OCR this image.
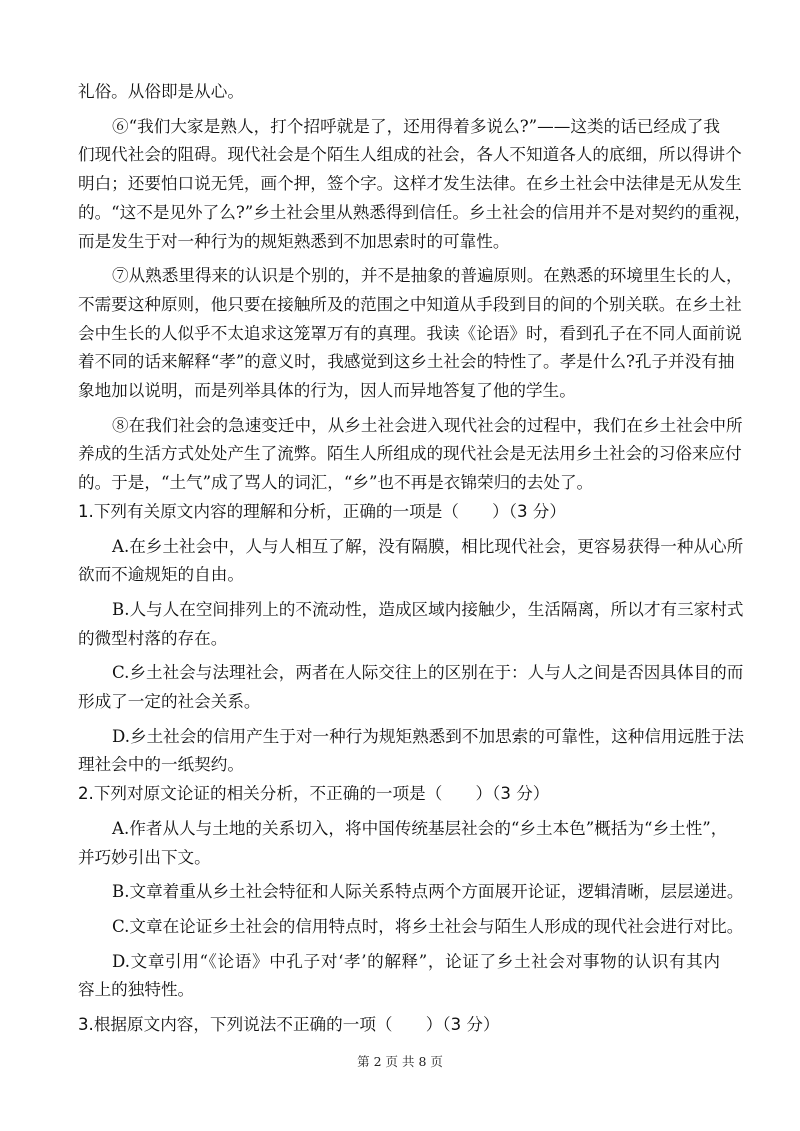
礼俗。从俗即是从心。
⑥“我们大家是熟人，打个招呼就是了，还用得着多说么?”——这类的话已经成了我
们现代社会的阻碍。现代社会是个陌生人组成的社会，各人不知道各人的底细，所以得讲个
明白；还要怕口说无凭，画个押，签个字。这样才发生法律。在乡土社会中法律是无从发生
的。“这不是见外了么?”乡土社会里从熟悉得到信任。乡土社会的信用并不是对契约的重视，
而是发生于对一种行为的规矩熟悉到不加思索时的可靠性。
⑦从熟悉里得来的认识是个别的，并不是抽象的普遍原则。在熟悉的环境里生长的人，
不需要这种原则，他只要在接触所及的范围之中知道从手段到目的间的个别关联。在乡土社
会中生长的人似乎不太追求这笼罩万有的真理。我读《论语》时，看到孔子在不同人面前说
着不同的话来解释“孝”的意义时，我感觉到这乡土社会的特性了。孝是什么?孔子并没有抽
象地加以说明，而是列举具体的行为，因人而异地答复了他的学生。
⑧在我们社会的急速变迁中，从乡土社会进入现代社会的过程中，我们在乡土社会中所
养成的生活方式处处产生了流弊。陌生人所组成的现代社会是无法用乡土社会的习俗来应付
的。于是，“土气”成了骂人的词汇，“乡”也不再是衣锦荣归的去处了。
1.下列有关原文内容的理解和分析，正确的一项是（　　）（3 分）
A.在乡土社会中，人与人相互了解，没有隔膜，相比现代社会，更容易获得一种从心所
欲而不逾规矩的自由。
B.人与人在空间排列上的不流动性，造成区域内接触少，生活隔离，所以才有三家村式
的微型村落的存在。
C.乡土社会与法理社会，两者在人际交往上的区别在于：人与人之间是否因具体目的而
形成了一定的社会关系。
D.乡土社会的信用产生于对一种行为规矩熟悉到不加思索的可靠性，这种信用远胜于法
理社会中的一纸契约。
2.下列对原文论证的相关分析，不正确的一项是（　　）（3 分）
A.作者从人与土地的关系切入，将中国传统基层社会的“乡土本色”概括为“乡土性”，
并巧妙引出下文。
B.文章着重从乡土社会特征和人际关系特点两个方面展开论证，逻辑清晰，层层递进。
C.文章在论证乡土社会的信用特点时，将乡土社会与陌生人形成的现代社会进行对比。
D.文章引用“《论语》中孔子对‘孝’的解释”，论证了乡土社会对事物的认识有其内
容上的独特性。
3.根据原文内容，下列说法不正确的一项（　　）（3 分）
第 2 页 共 8 页
